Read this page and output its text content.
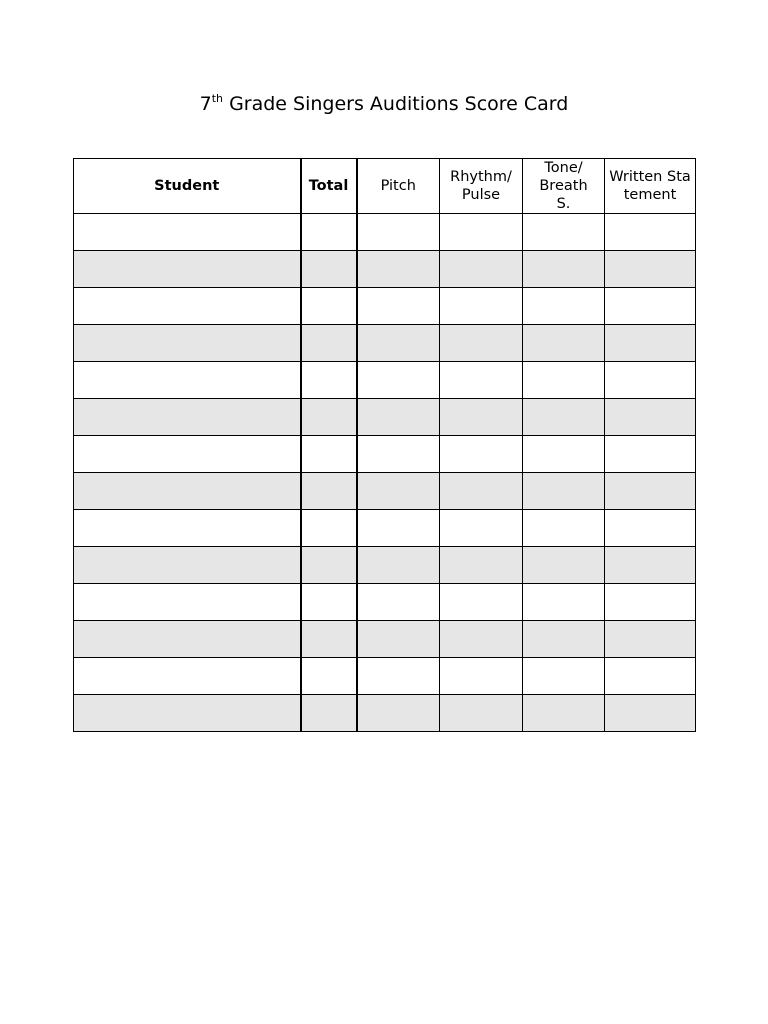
7th Grade Singers Auditions Score Card
Student	Total	Pitch	Rhythm/ Pulse	Tone/ Breath S.	Written Statement
